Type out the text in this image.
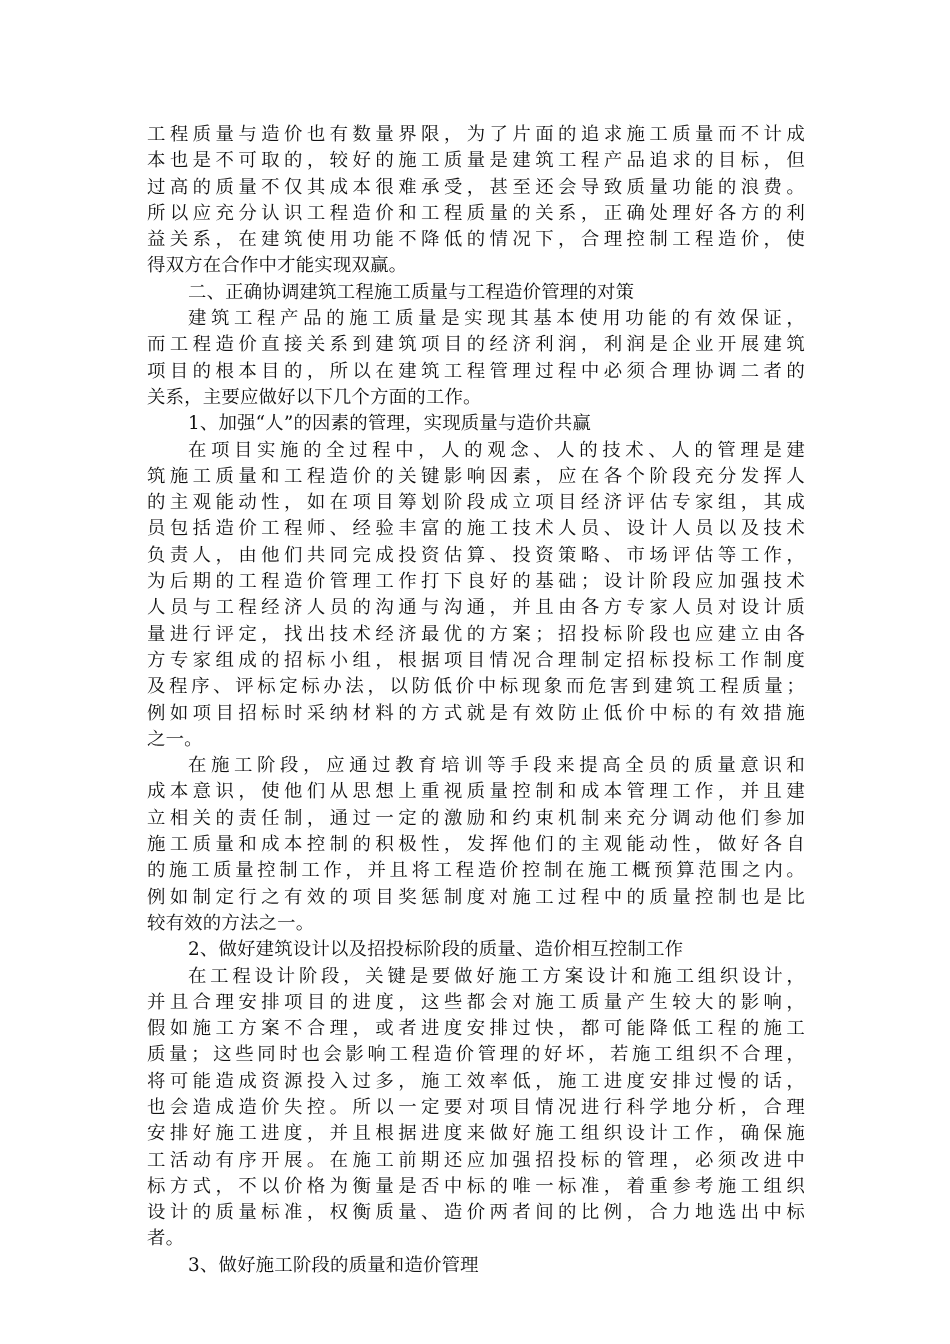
工程质量与造价也有数量界限，为了片面的追求施工质量而不计成
本也是不可取的，较好的施工质量是建筑工程产品追求的目标，但
过高的质量不仅其成本很难承受，甚至还会导致质量功能的浪费。
所以应充分认识工程造价和工程质量的关系，正确处理好各方的利
益关系，在建筑使用功能不降低的情况下，合理控制工程造价，使
得双方在合作中才能实现双赢。
二、正确协调建筑工程施工质量与工程造价管理的对策
建筑工程产品的施工质量是实现其基本使用功能的有效保证，
而工程造价直接关系到建筑项目的经济利润，利润是企业开展建筑
项目的根本目的，所以在建筑工程管理过程中必须合理协调二者的
关系，主要应做好以下几个方面的工作。
1、加强“人”的因素的管理，实现质量与造价共赢
在项目实施的全过程中，人的观念、人的技术、人的管理是建
筑施工质量和工程造价的关键影响因素，应在各个阶段充分发挥人
的主观能动性，如在项目筹划阶段成立项目经济评估专家组，其成
员包括造价工程师、经验丰富的施工技术人员、设计人员以及技术
负责人，由他们共同完成投资估算、投资策略、市场评估等工作，
为后期的工程造价管理工作打下良好的基础；设计阶段应加强技术
人员与工程经济人员的沟通与沟通，并且由各方专家人员对设计质
量进行评定，找出技术经济最优的方案；招投标阶段也应建立由各
方专家组成的招标小组，根据项目情况合理制定招标投标工作制度
及程序、评标定标办法，以防低价中标现象而危害到建筑工程质量；
例如项目招标时采纳材料的方式就是有效防止低价中标的有效措施
之一。
在施工阶段，应通过教育培训等手段来提高全员的质量意识和
成本意识，使他们从思想上重视质量控制和成本管理工作，并且建
立相关的责任制，通过一定的激励和约束机制来充分调动他们参加
施工质量和成本控制的积极性，发挥他们的主观能动性，做好各自
的施工质量控制工作，并且将工程造价控制在施工概预算范围之内。
例如制定行之有效的项目奖惩制度对施工过程中的质量控制也是比
较有效的方法之一。
2、做好建筑设计以及招投标阶段的质量、造价相互控制工作
在工程设计阶段，关键是要做好施工方案设计和施工组织设计，
并且合理安排项目的进度，这些都会对施工质量产生较大的影响，
假如施工方案不合理，或者进度安排过快，都可能降低工程的施工
质量；这些同时也会影响工程造价管理的好坏，若施工组织不合理，
将可能造成资源投入过多，施工效率低，施工进度安排过慢的话，
也会造成造价失控。所以一定要对项目情况进行科学地分析，合理
安排好施工进度，并且根据进度来做好施工组织设计工作，确保施
工活动有序开展。在施工前期还应加强招投标的管理，必须改进中
标方式，不以价格为衡量是否中标的唯一标准，着重参考施工组织
设计的质量标准，权衡质量、造价两者间的比例，合力地选出中标
者。
3、做好施工阶段的质量和造价管理
